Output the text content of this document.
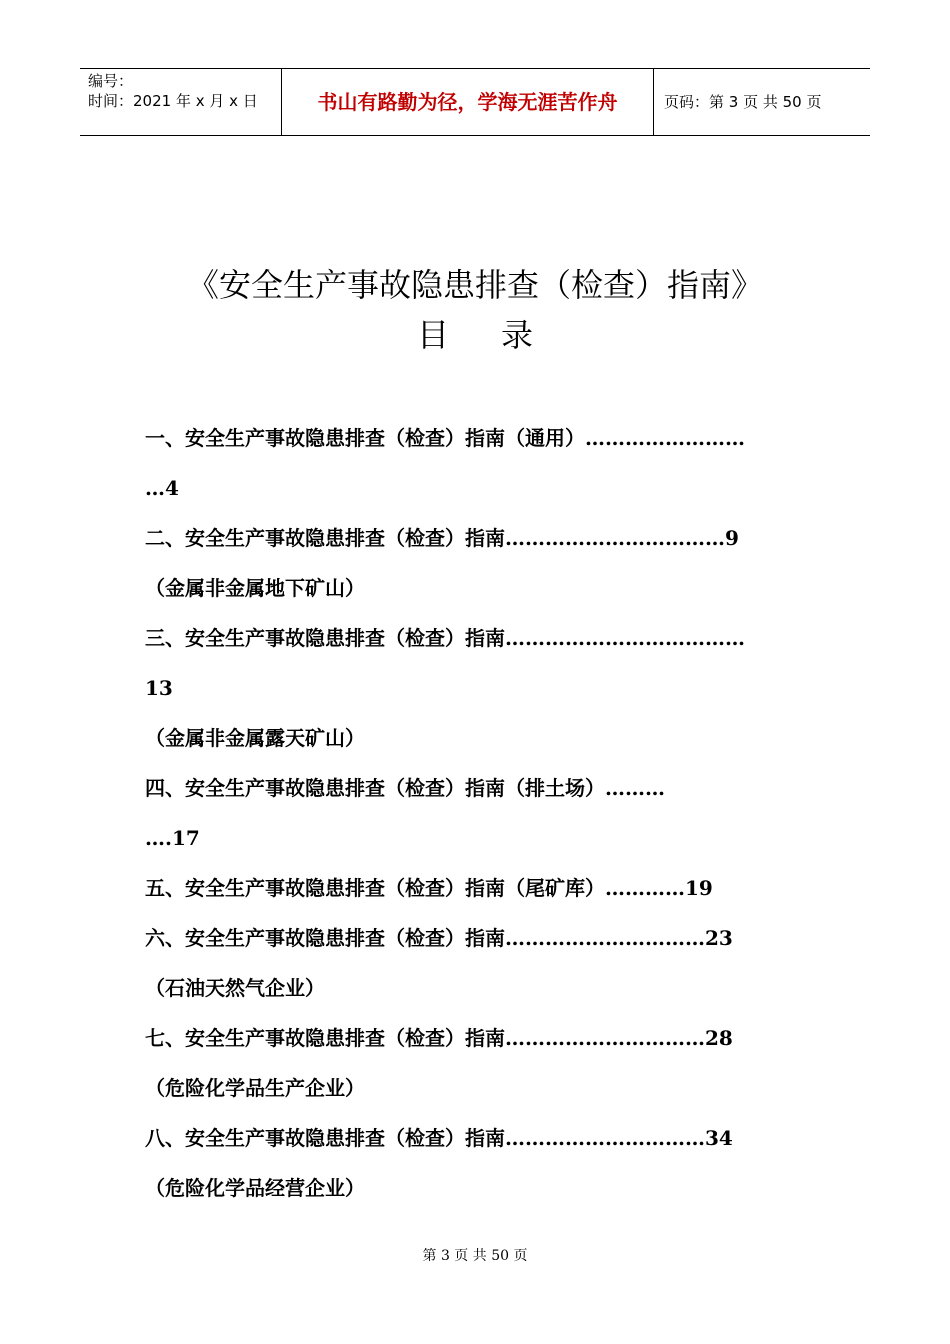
编号：
时间：2021 年 x 月 x 日	书山有路勤为径，学海无涯苦作舟	页码：第 3 页 共 50 页
《安全生产事故隐患排查（检查）指南》
目录
一、安全生产事故隐患排查（检查）指南（通用）……………………
…4
二、安全生产事故隐患排查（检查）指南……………………………9
（金属非金属地下矿山）
三、安全生产事故隐患排查（检查）指南………………………………
13
（金属非金属露天矿山）
四、安全生产事故隐患排查（检查）指南（排土场）………
….17
五、安全生产事故隐患排查（检查）指南（尾矿库）…………19
六、安全生产事故隐患排查（检查）指南…………………………23
（石油天然气企业）
七、安全生产事故隐患排查（检查）指南…………………………28
（危险化学品生产企业）
八、安全生产事故隐患排查（检查）指南…………………………34
（危险化学品经营企业）
第 3 页 共 50 页
